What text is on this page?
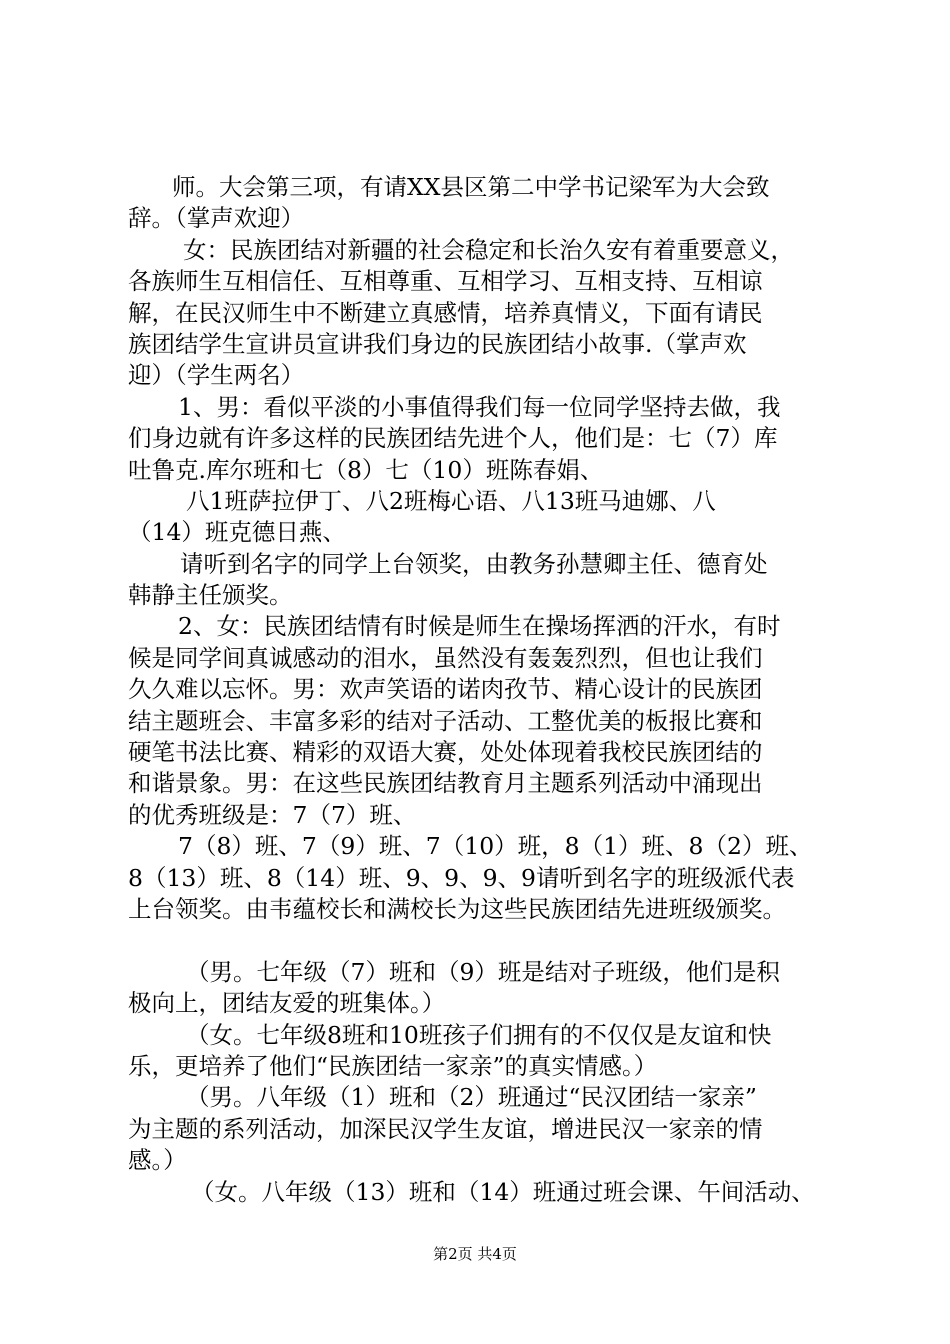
师。大会第三项，有请XX县区第二中学书记梁军为大会致
辞。（掌声欢迎）
女：民族团结对新疆的社会稳定和长治久安有着重要意义，
各族师生互相信任、互相尊重、互相学习、互相支持、互相谅
解，在民汉师生中不断建立真感情，培养真情义，下面有请民
族团结学生宣讲员宣讲我们身边的民族团结小故事.（掌声欢
迎）（学生两名）
1、男：看似平淡的小事值得我们每一位同学坚持去做，我
们身边就有许多这样的民族团结先进个人，他们是：七（7）库
吐鲁克.库尔班和七（8）七（10）班陈春娟、
八1班萨拉伊丁、八2班梅心语、八13班马迪娜、八
（14）班克德日燕、
请听到名字的同学上台领奖，由教务孙慧卿主任、德育处
韩静主任颁奖。
2、女：民族团结情有时候是师生在操场挥洒的汗水，有时
候是同学间真诚感动的泪水，虽然没有轰轰烈烈，但也让我们
久久难以忘怀。男：欢声笑语的诺肉孜节、精心设计的民族团
结主题班会、丰富多彩的结对子活动、工整优美的板报比赛和
硬笔书法比赛、精彩的双语大赛，处处体现着我校民族团结的
和谐景象。男：在这些民族团结教育月主题系列活动中涌现出
的优秀班级是：7（7）班、
7（8）班、7（9）班、7（10）班，8（1）班、8（2）班、
8（13）班、8（14）班、9、9、9、9请听到名字的班级派代表
上台领奖。由韦蕴校长和满校长为这些民族团结先进班级颁奖。
（男。七年级（7）班和（9）班是结对子班级，他们是积
极向上，团结友爱的班集体。）
（女。七年级8班和10班孩子们拥有的不仅仅是友谊和快
乐，更培养了他们“民族团结一家亲”的真实情感。）
（男。八年级（1）班和（2）班通过“民汉团结一家亲”
为主题的系列活动，加深民汉学生友谊，增进民汉一家亲的情
感。）
（女。八年级（13）班和（14）班通过班会课、午间活动、
第2页 共4页
